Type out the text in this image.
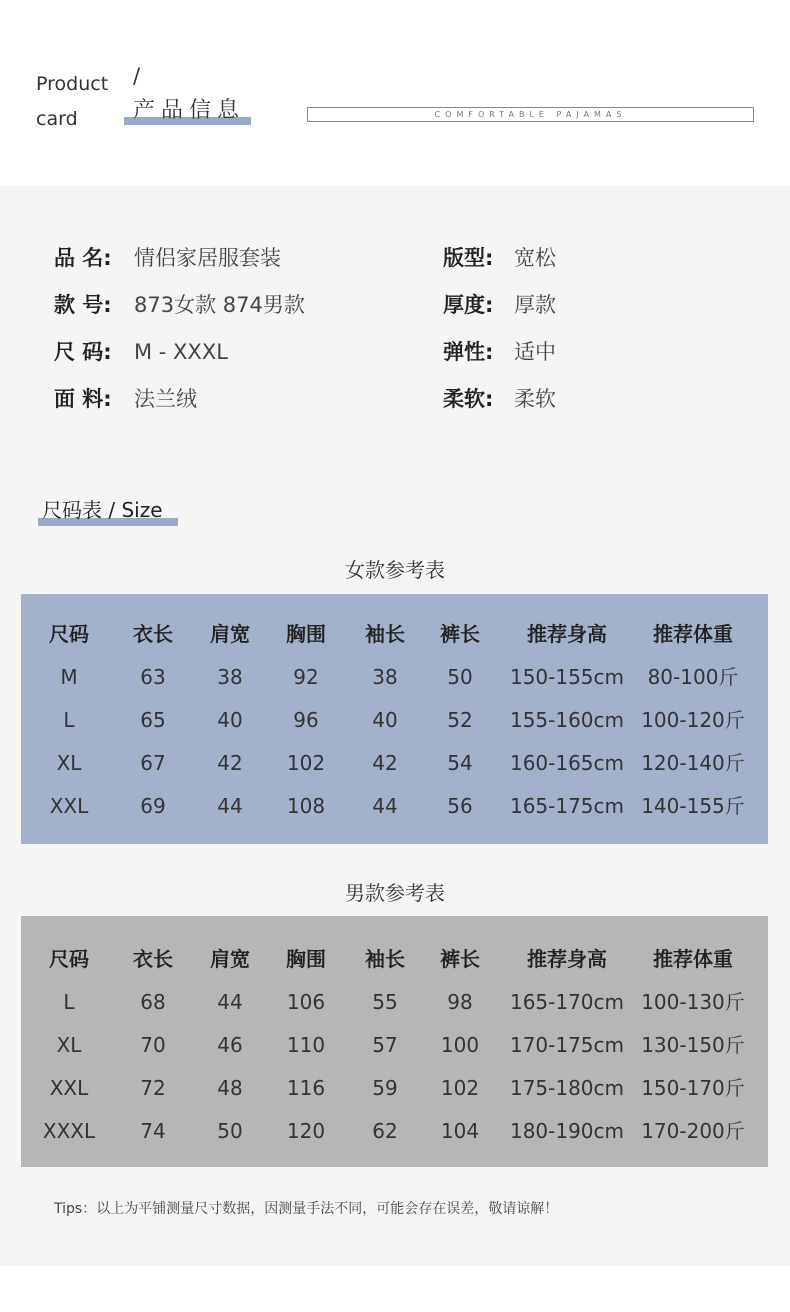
Product
card
/
产品信息	COMFORTABLE PAJAMAS
品 名: 情侣家居服套装	版型: 宽松
款 号: 873女款 874男款	厚度: 厚款
尺 码: M - XXXL	弹性: 适中
面 料: 法兰绒	柔软: 柔软
尺码表 / Size
女款参考表
尺码	衣长	肩宽	胸围	袖长	裤长	推荐身高	推荐体重
M	63	38	92	38	50	150-155cm	80-100斤
L	65	40	96	40	52	155-160cm 100-120斤
XL	67	42	102	42	54	160-165cm 120-140斤
XXL	69	44	108	44	56	165-175cm 140-155斤
男款参考表
尺码	衣长	肩宽	胸围	袖长	裤长	推荐身高	推荐体重
L	68	44	106	55	98	165-170cm 100-130斤
XL	70	46	110	57	100	170-175cm 130-150斤
XXL	72	48	116	59	102	175-180cm 150-170斤
XXXL	74	50	120	62	104	180-190cm 170-200斤
Tips：以上为平铺测量尺寸数据，因测量手法不同，可能会存在误差，敬请谅解！
